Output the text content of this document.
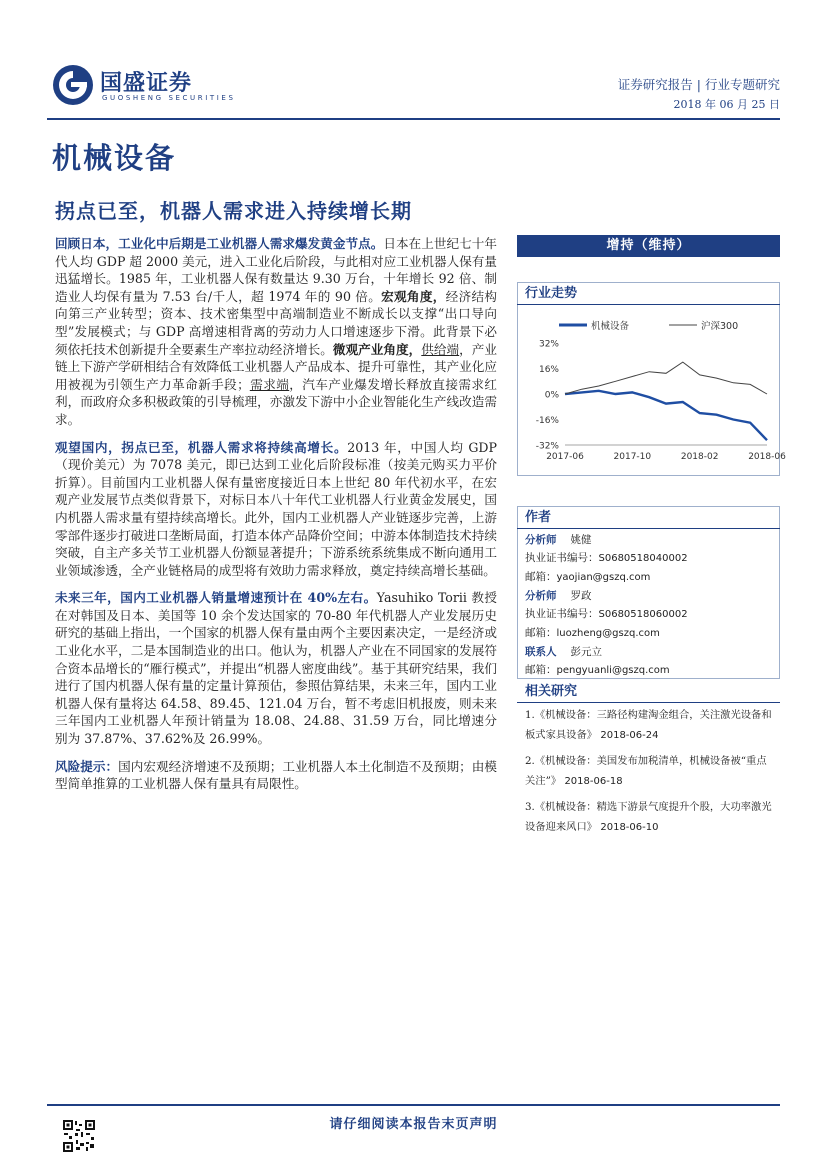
国盛证券
GUOSHENG SECURITIES
证券研究报告 | 行业专题研究
2018 年 06 月 25 日
机械设备
拐点已至，机器人需求进入持续增长期

回顾日本，工业化中后期是工业机器人需求爆发黄金节点。日本在上世纪七十年代人均 GDP 超 2000 美元，进入工业化后阶段，与此相对应工业机器人保有量迅猛增长。1985 年，工业机器人保有数量达 9.30 万台，十年增长 92 倍、制造业人均保有量为 7.53 台/千人，超 1974 年的 90 倍。宏观角度，经济结构向第三产业转型；资本、技术密集型中高端制造业不断成长以支撑“出口导向型”发展模式；与 GDP 高增速相背离的劳动力人口增速逐步下滑。此背景下必须依托技术创新提升全要素生产率拉动经济增长。微观产业角度，供给端，产业链上下游产学研相结合有效降低工业机器人产品成本、提升可靠性，其产业化应用被视为引领生产力革命新手段；需求端，汽车产业爆发增长释放直接需求红利，而政府众多积极政策的引导梳理，亦激发下游中小企业智能化生产线改造需求。

观望国内，拐点已至，机器人需求将持续高增长。2013 年，中国人均 GDP（现价美元）为 7078 美元，即已达到工业化后阶段标准（按美元购买力平价折算）。目前国内工业机器人保有量密度接近日本上世纪 80 年代初水平，在宏观产业发展节点类似背景下，对标日本八十年代工业机器人行业黄金发展史，国内机器人需求量有望持续高增长。此外，国内工业机器人产业链逐步完善，上游零部件逐步打破进口垄断局面，打造本体产品降价空间；中游本体制造技术持续突破，自主产多关节工业机器人份额显著提升；下游系统系统集成不断向通用工业领域渗透，全产业链格局的成型将有效助力需求释放，奠定持续高增长基础。

未来三年，国内工业机器人销量增速预计在 40%左右。Yasuhiko Torii 教授在对韩国及日本、美国等 10 余个发达国家的 70-80 年代机器人产业发展历史研究的基础上指出，一个国家的机器人保有量由两个主要因素决定，一是经济或工业化水平，二是本国制造业的出口。他认为，机器人产业在不同国家的发展符合资本品增长的“雁行模式”，并提出“机器人密度曲线”。基于其研究结果，我们进行了国内机器人保有量的定量计算预估，参照估算结果，未来三年，国内工业机器人保有量将达 64.58、89.45、121.04 万台，暂不考虑旧机报废，则未来三年国内工业机器人年预计销量为 18.08、24.88、31.59 万台，同比增速分别为 37.87%、37.62%及 26.99%。

风险提示：国内宏观经济增速不及预期；工业机器人本土化制造不及预期；由模型简单推算的工业机器人保有量具有局限性。

增持（维持）
行业走势
32%
16%
0%
-16%
-32%
2017-06	2017-10	2018-02	2018-06
机械设备	沪深300
作者
分析师 姚健
执业证书编号：S0680518040002
邮箱：yaojian@gszq.com
分析师 罗政
执业证书编号：S0680518060002
邮箱：luozheng@gszq.com
联系人 彭元立
邮箱：pengyuanli@gszq.com
相关研究
1.《机械设备：三路径构建淘金组合，关注激光设备和板式家具设备》 2018-06-24
2.《机械设备：美国发布加税清单，机械设备被“重点关注”》 2018-06-18
3.《机械设备：精选下游景气度提升个股，大功率激光设备迎来风口》 2018-06-10
请仔细阅读本报告末页声明
